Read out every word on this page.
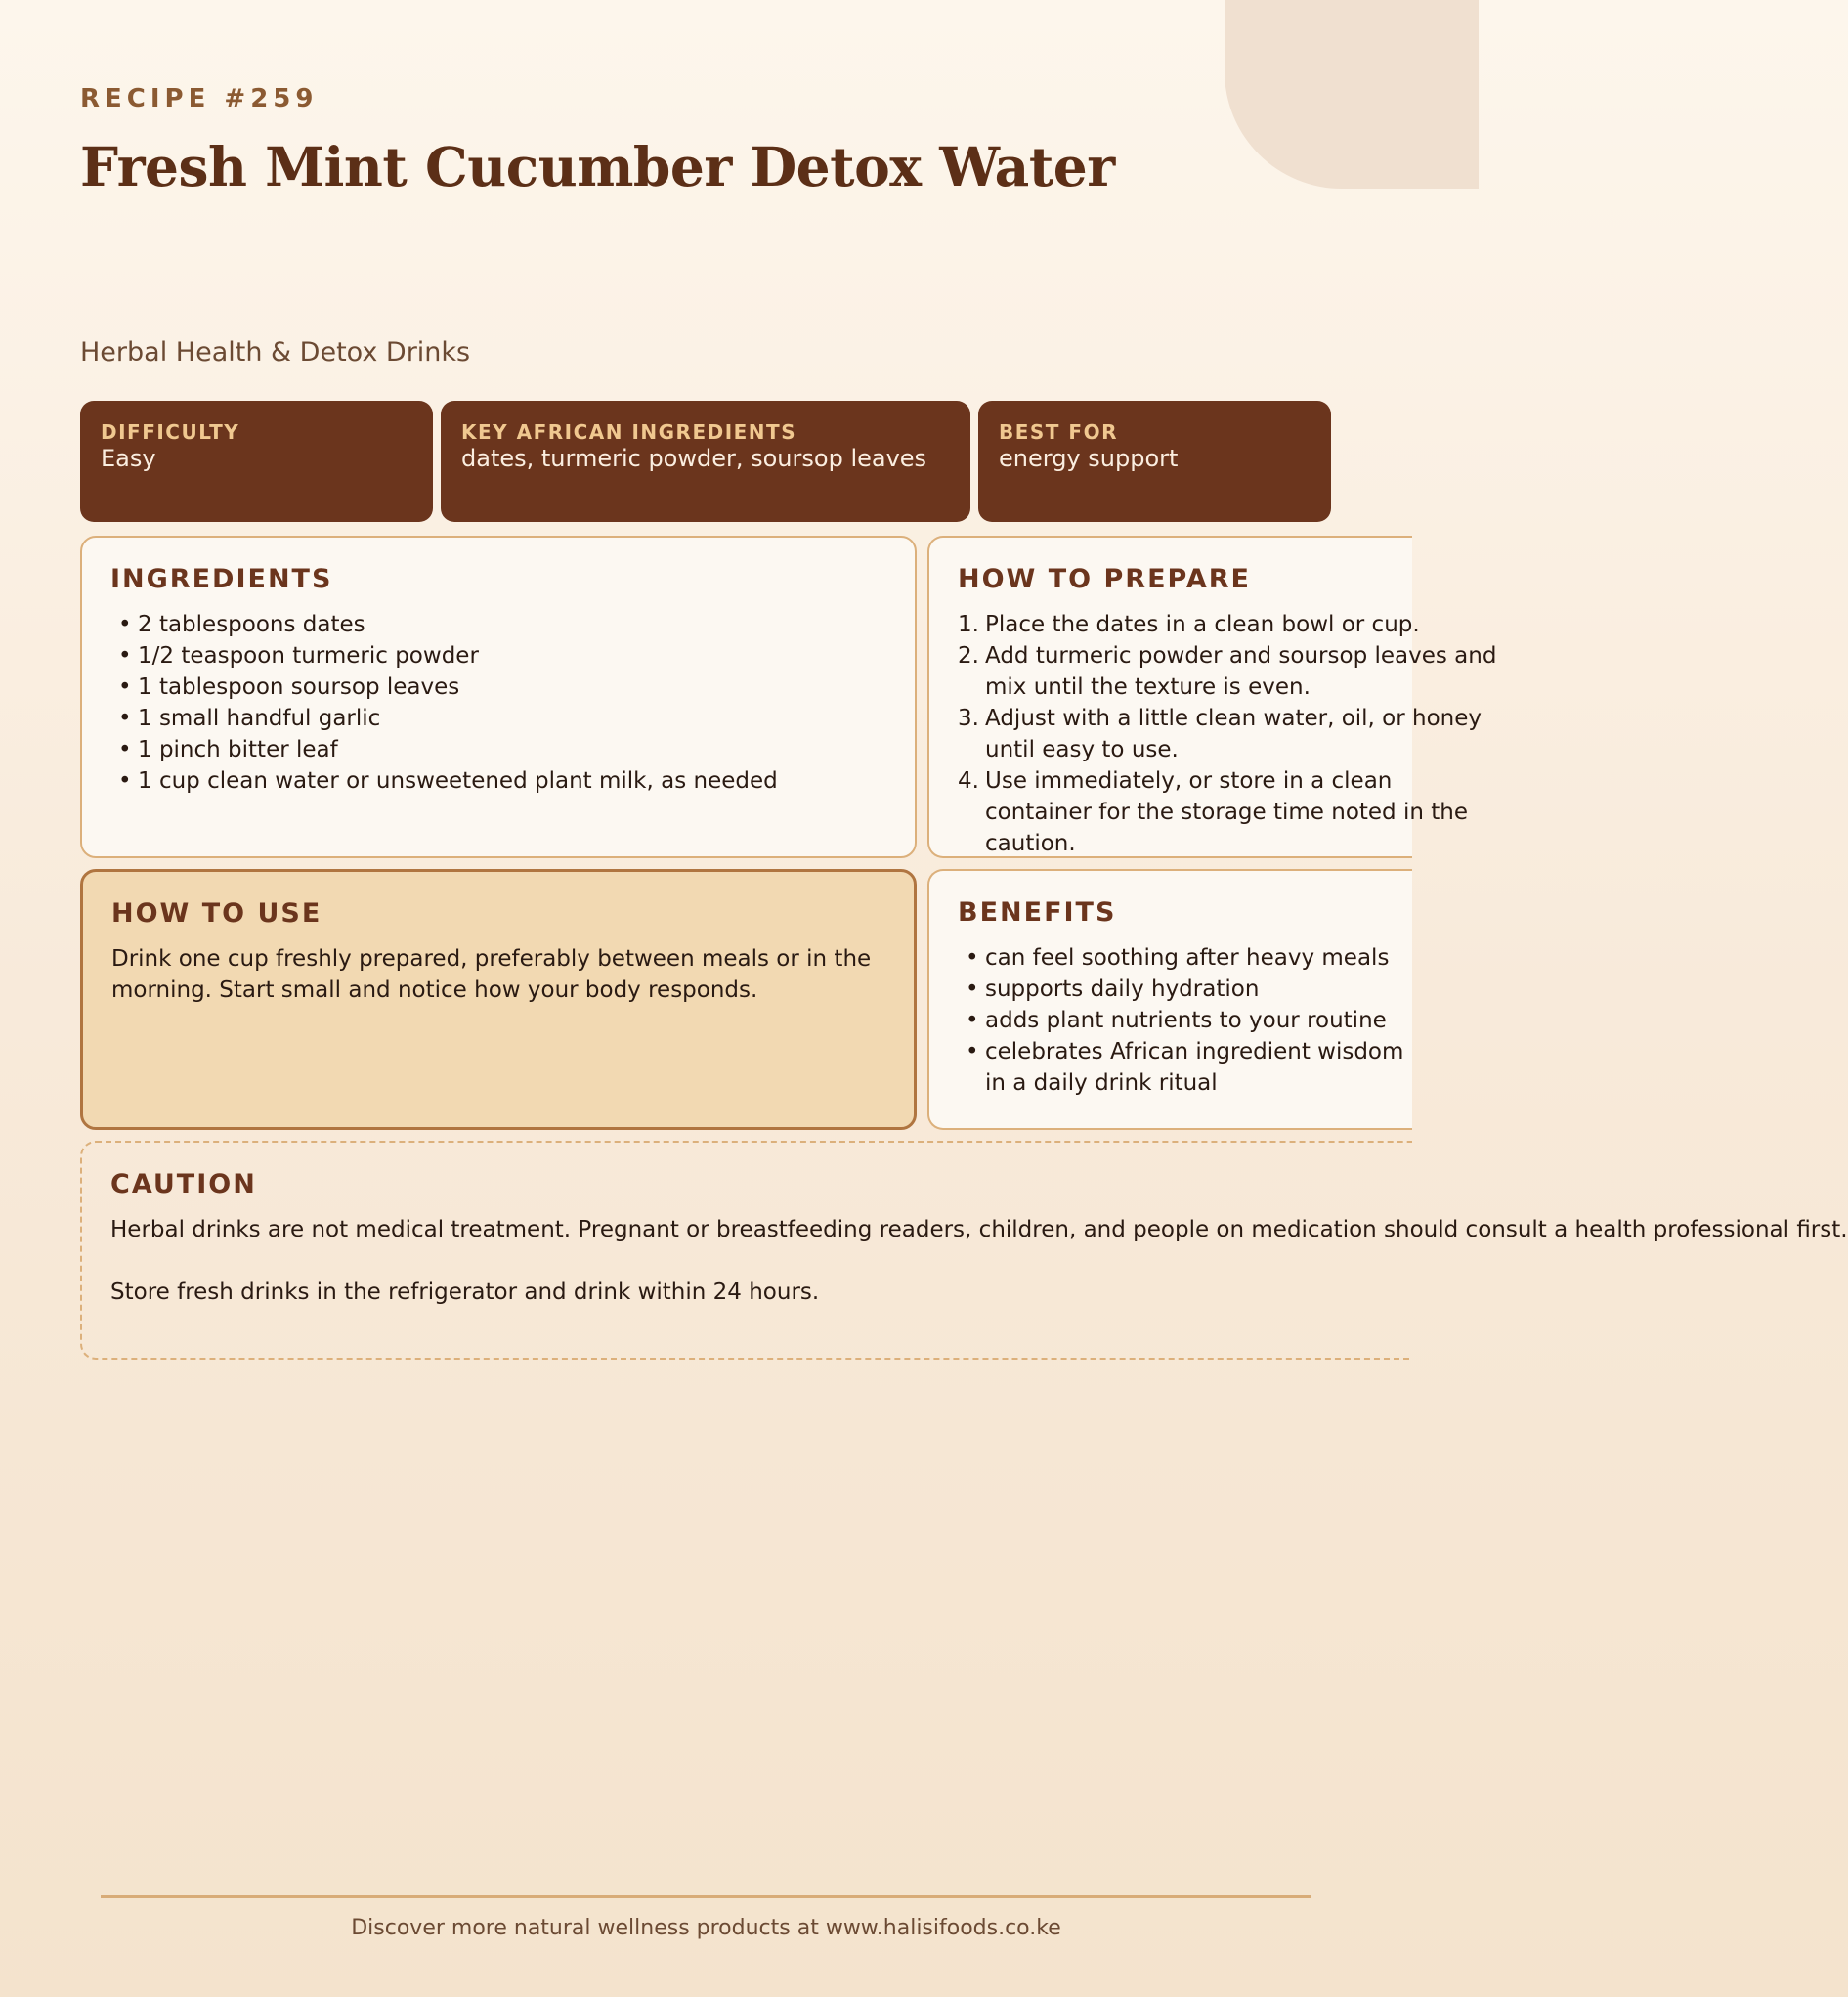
RECIPE #259

Fresh Mint Cucumber Detox Water

Herbal Health & Detox Drinks

DIFFICULTY
Easy
KEY AFRICAN INGREDIENTS
dates, turmeric powder, soursop leaves
BEST FOR
energy support
INGREDIENTS
• 2 tablespoons dates
• 1/2 teaspoon turmeric powder
• 1 tablespoon soursop leaves
• 1 small handful garlic
• 1 pinch bitter leaf
• 1 cup clean water or unsweetened plant milk, as needed
HOW TO PREPARE
1. Place the dates in a clean bowl or cup.
2. Add turmeric powder and soursop leaves and mix until the texture is even.
3. Adjust with a little clean water, oil, or honey until easy to use.
4. Use immediately, or store in a clean container for the storage time noted in the caution.
HOW TO USE

Drink one cup freshly prepared, preferably between meals or in the morning. Start small and notice how your body responds.

BENEFITS
• can feel soothing after heavy meals
• supports daily hydration
• adds plant nutrients to your routine
• celebrates African ingredient wisdom in a daily drink ritual
CAUTION

Herbal drinks are not medical treatment. Pregnant or breastfeeding readers, children, and people on medication should consult a health professional first.

Store fresh drinks in the refrigerator and drink within 24 hours.

Discover more natural wellness products at www.halisifoods.co.ke
